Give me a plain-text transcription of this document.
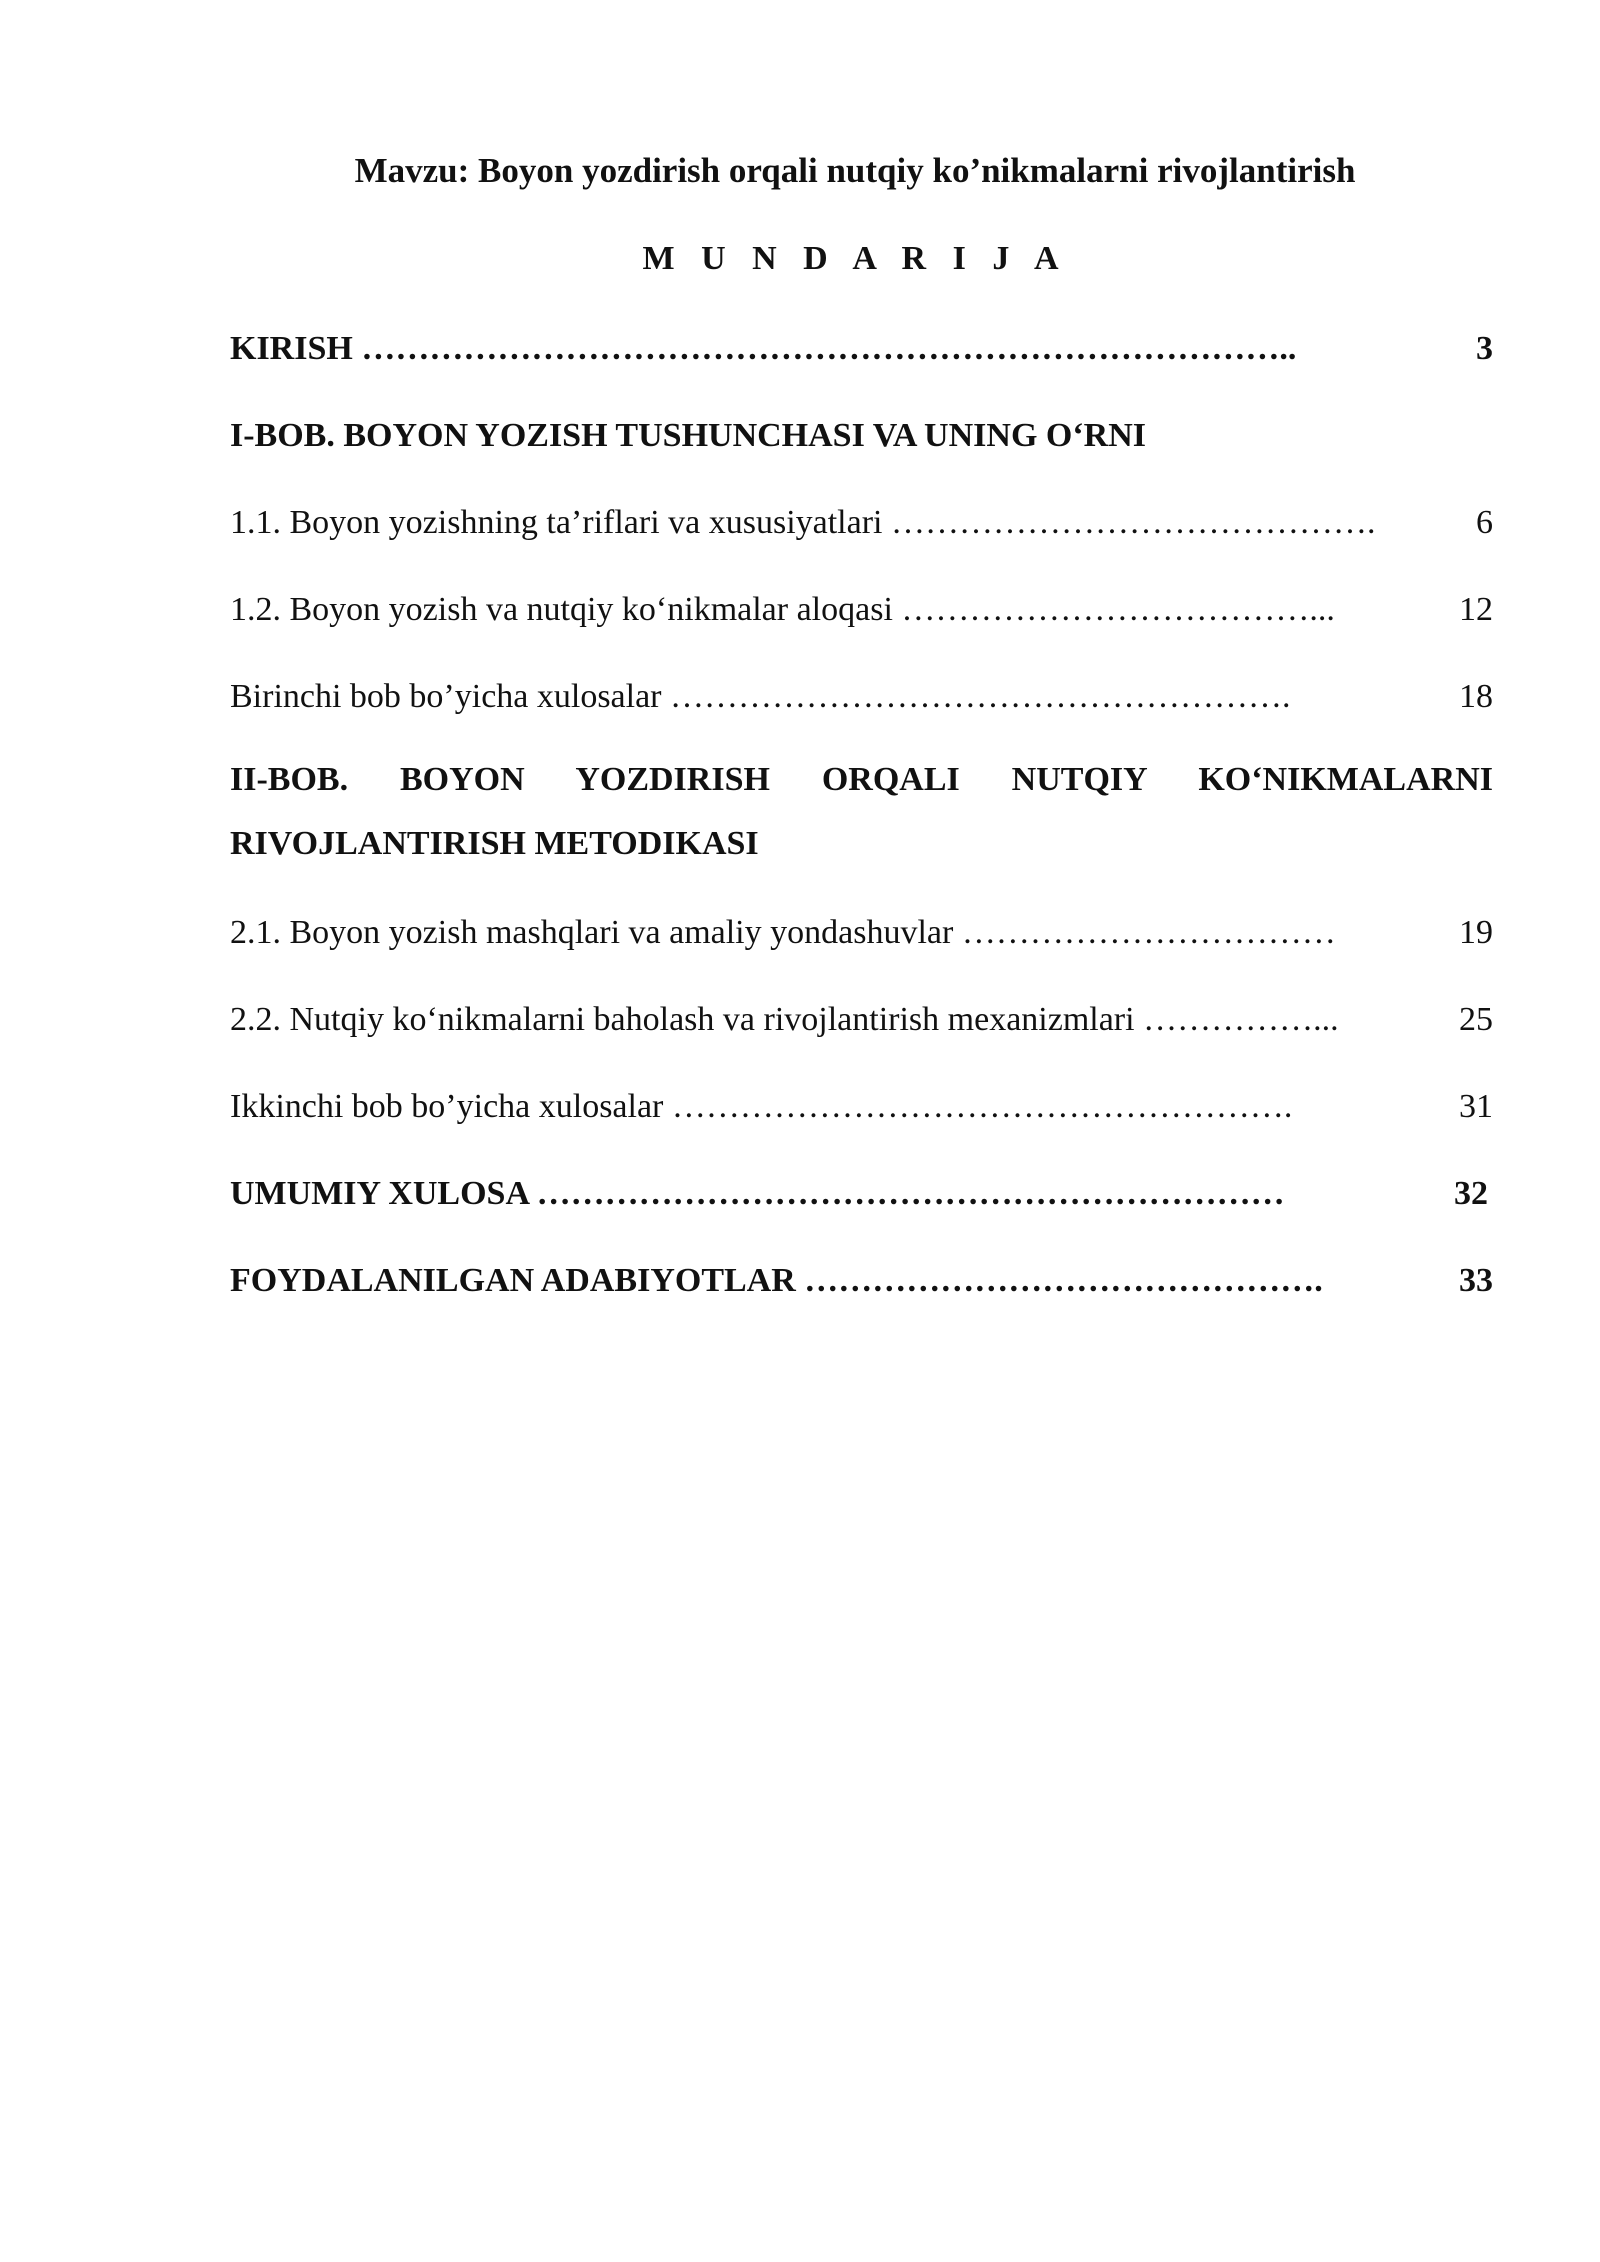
Mavzu: Boyon yozdirish orqali nutqiy ko’nikmalarni rivojlantirish
M U N D A R I J A
KIRISH ………………………………………………………………………..	3
I-BOB. BOYON YOZISH TUSHUNCHASI VA UNING O‘RNI
1.1. Boyon yozishning ta’riflari va xususiyatlari …………………………………….	6
1.2. Boyon yozish va nutqiy ko‘nikmalar aloqasi ………………………………...	12
Birinchi bob bo’yicha xulosalar ……………………………………………….	18
II-BOB. BOYON YOZDIRISH ORQALI NUTQIY KO‘NIKMALARNI
RIVOJLANTIRISH METODIKASI
2.1. Boyon yozish mashqlari va amaliy yondashuvlar ……………………………	19
2.2. Nutqiy ko‘nikmalarni baholash va rivojlantirish mexanizmlari ……………...	25
Ikkinchi bob bo’yicha xulosalar ……………………………………………….	31
UMUMIY XULOSA …………………………………………………………	32
FOYDALANILGAN ADABIYOTLAR ……………………………………….	33
